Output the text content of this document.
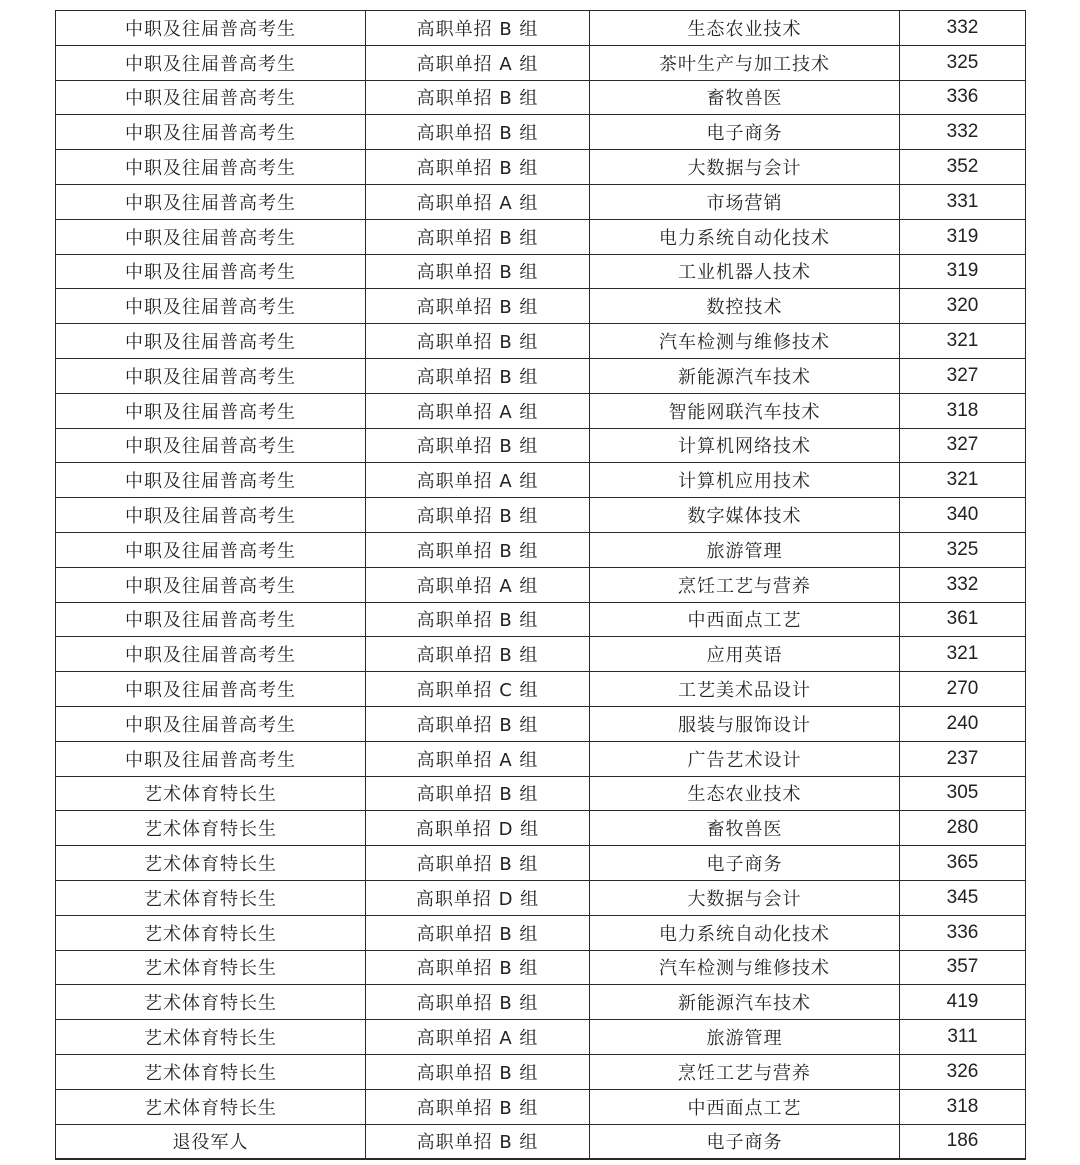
中职及往届普高考生	高职单招 B 组	生态农业技术	332
中职及往届普高考生	高职单招 A 组	茶叶生产与加工技术	325
中职及往届普高考生	高职单招 B 组	畜牧兽医	336
中职及往届普高考生	高职单招 B 组	电子商务	332
中职及往届普高考生	高职单招 B 组	大数据与会计	352
中职及往届普高考生	高职单招 A 组	市场营销	331
中职及往届普高考生	高职单招 B 组	电力系统自动化技术	319
中职及往届普高考生	高职单招 B 组	工业机器人技术	319
中职及往届普高考生	高职单招 B 组	数控技术	320
中职及往届普高考生	高职单招 B 组	汽车检测与维修技术	321
中职及往届普高考生	高职单招 B 组	新能源汽车技术	327
中职及往届普高考生	高职单招 A 组	智能网联汽车技术	318
中职及往届普高考生	高职单招 B 组	计算机网络技术	327
中职及往届普高考生	高职单招 A 组	计算机应用技术	321
中职及往届普高考生	高职单招 B 组	数字媒体技术	340
中职及往届普高考生	高职单招 B 组	旅游管理	325
中职及往届普高考生	高职单招 A 组	烹饪工艺与营养	332
中职及往届普高考生	高职单招 B 组	中西面点工艺	361
中职及往届普高考生	高职单招 B 组	应用英语	321
中职及往届普高考生	高职单招 C 组	工艺美术品设计	270
中职及往届普高考生	高职单招 B 组	服装与服饰设计	240
中职及往届普高考生	高职单招 A 组	广告艺术设计	237
艺术体育特长生	高职单招 B 组	生态农业技术	305
艺术体育特长生	高职单招 D 组	畜牧兽医	280
艺术体育特长生	高职单招 B 组	电子商务	365
艺术体育特长生	高职单招 D 组	大数据与会计	345
艺术体育特长生	高职单招 B 组	电力系统自动化技术	336
艺术体育特长生	高职单招 B 组	汽车检测与维修技术	357
艺术体育特长生	高职单招 B 组	新能源汽车技术	419
艺术体育特长生	高职单招 A 组	旅游管理	311
艺术体育特长生	高职单招 B 组	烹饪工艺与营养	326
艺术体育特长生	高职单招 B 组	中西面点工艺	318
退役军人	高职单招 B 组	电子商务	186
